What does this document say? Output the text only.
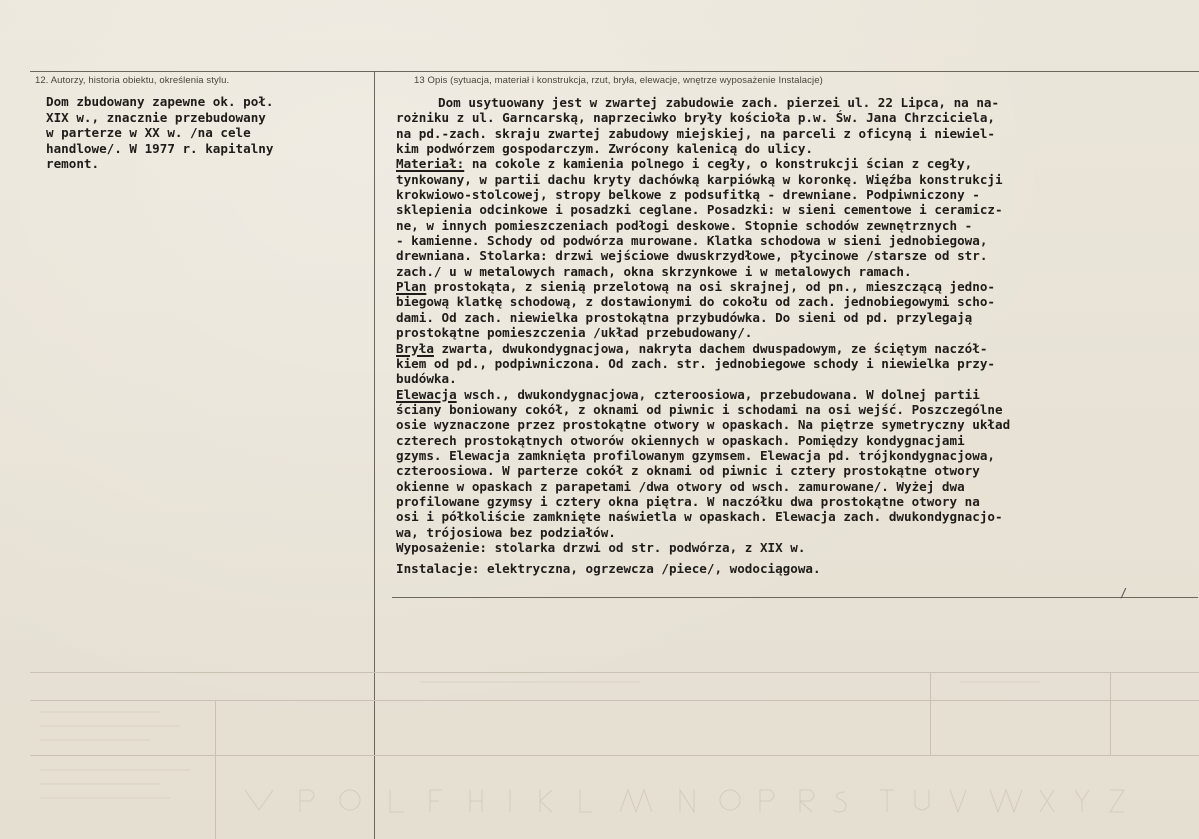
12. Autorzy, historia obiektu, określenia stylu.	13 Opis (sytuacja, materiał i konstrukcja, rzut, bryła, elewacje, wnętrze wyposażenie Instalacje)
Dom zbudowany zapewne ok. poł.
XIX w., znacznie przebudowany
w parterze w XX w. /na cele
handlowe/. W 1977 r. kapitalny
remont.
Dom usytuowany jest w zwartej zabudowie zach. pierzei ul. 22 Lipca, na na-
rożniku z ul. Garncarską, naprzeciwko bryły kościoła p.w. Św. Jana Chrzciciela,
na pd.-zach. skraju zwartej zabudowy miejskiej, na parceli z oficyną i niewiel-
kim podwórzem gospodarczym. Zwrócony kalenicą do ulicy.
Materiał: na cokole z kamienia polnego i cegły, o konstrukcji ścian z cegły,
tynkowany, w partii dachu kryty dachówką karpiówką w koronkę. Więźba konstrukcji
krokwiowo-stolcowej, stropy belkowe z podsufitką - drewniane. Podpiwniczony -
sklepienia odcinkowe i posadzki ceglane. Posadzki: w sieni cementowe i ceramicz-
ne, w innych pomieszczeniach podłogi deskowe. Stopnie schodów zewnętrznych -
- kamienne. Schody od podwórza murowane. Klatka schodowa w sieni jednobiegowa,
drewniana. Stolarka: drzwi wejściowe dwuskrzydłowe, płycinowe /starsze od str.
zach./ u w metalowych ramach, okna skrzynkowe i w metalowych ramach.
Plan prostokąta, z sienią przelotową na osi skrajnej, od pn., mieszczącą jedno-
biegową klatkę schodową, z dostawionymi do cokołu od zach. jednobiegowymi scho-
dami. Od zach. niewielka prostokątna przybudówka. Do sieni od pd. przylegają
prostokątne pomieszczenia /układ przebudowany/.
Bryła zwarta, dwukondygnacjowa, nakryta dachem dwuspadowym, ze ściętym naczół-
kiem od pd., podpiwniczona. Od zach. str. jednobiegowe schody i niewielka przy-
budówka.
Elewacja wsch., dwukondygnacjowa, czteroosiowa, przebudowana. W dolnej partii
ściany boniowany cokół, z oknami od piwnic i schodami na osi wejść. Poszczególne
osie wyznaczone przez prostokątne otwory w opaskach. Na piętrze symetryczny układ
czterech prostokątnych otworów okiennych w opaskach. Pomiędzy kondygnacjami
gzyms. Elewacja zamknięta profilowanym gzymsem. Elewacja pd. trójkondygnacjowa,
czteroosiowa. W parterze cokół z oknami od piwnic i cztery prostokątne otwory
okienne w opaskach z parapetami /dwa otwory od wsch. zamurowane/. Wyżej dwa
profilowane gzymsy i cztery okna piętra. W naczółku dwa prostokątne otwory na
osi i półkoliście zamknięte naświetla w opaskach. Elewacja zach. dwukondygnacjo-
wa, trójosiowa bez podziałów.
Wyposażenie: stolarka drzwi od str. podwórza, z XIX w.
Instalacje: elektryczna, ogrzewcza /piece/, wodociągowa.
/
